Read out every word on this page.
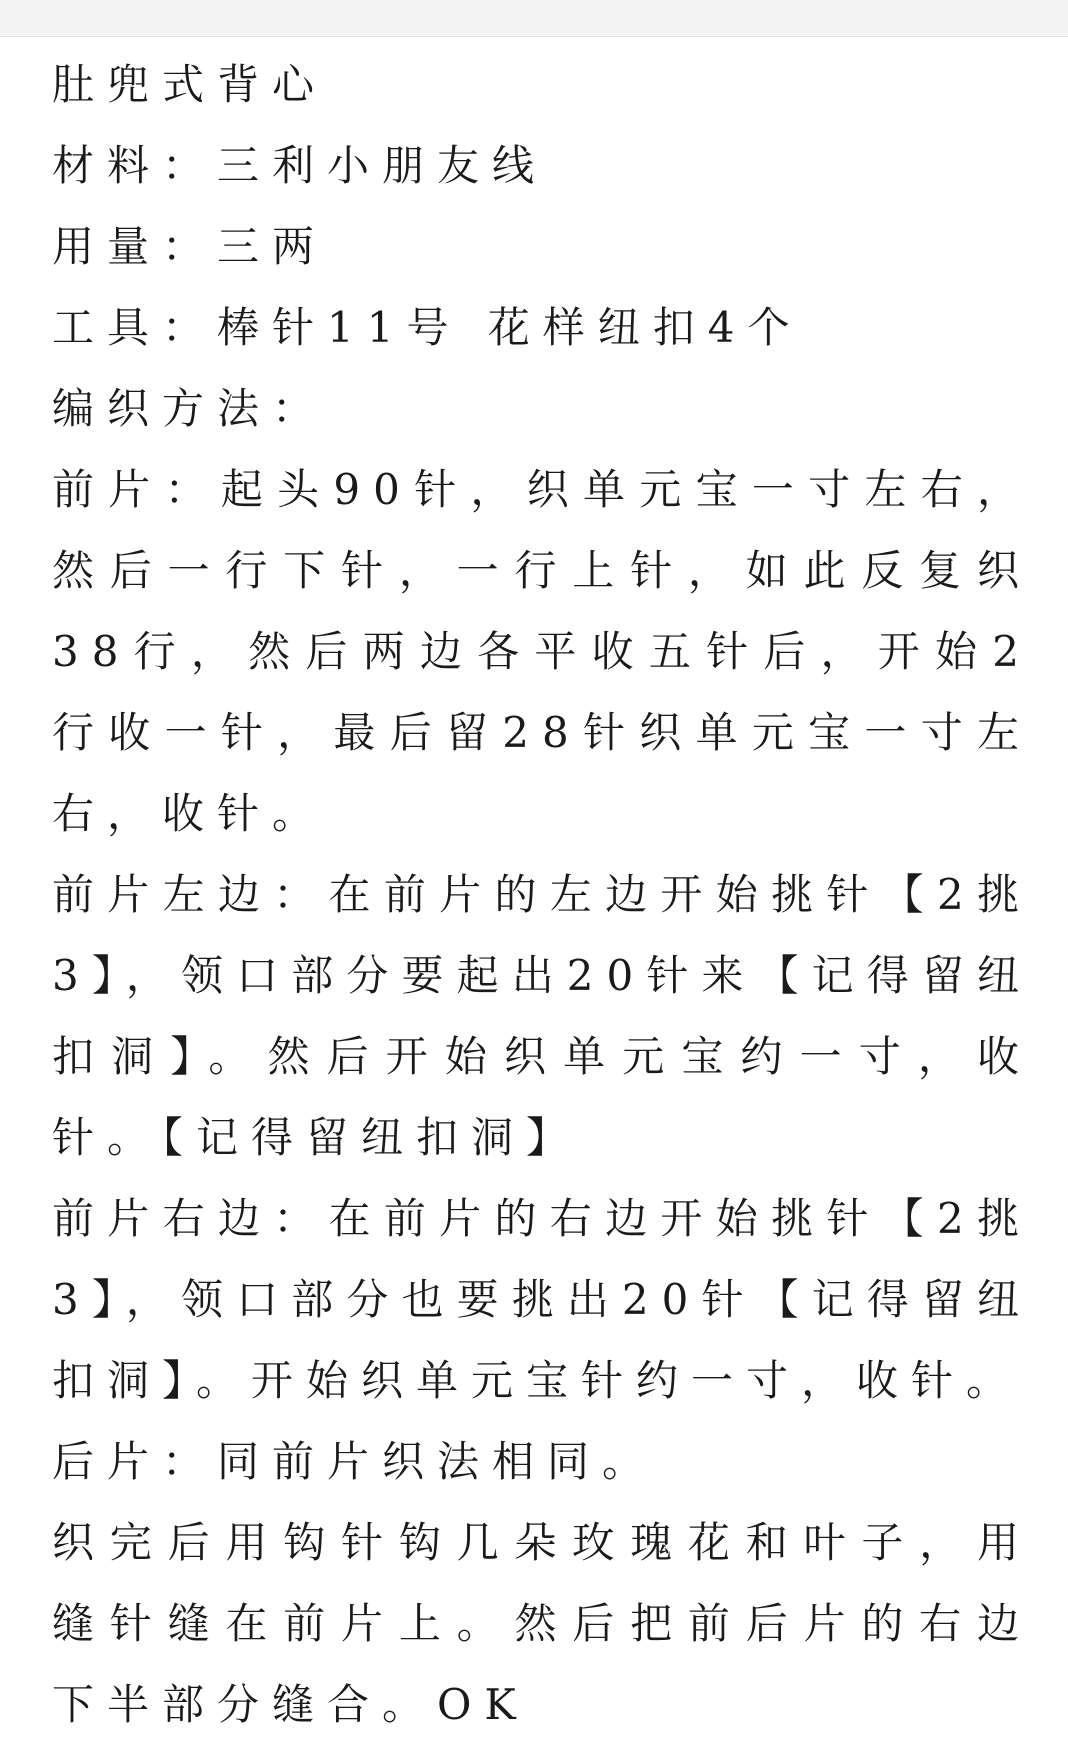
肚兜式背心

材料：三利小朋友线

用量：三两

工具：棒针11号 花样纽扣4个

编织方法：

前片：起头90针，织单元宝一寸左右，然后一行下针，一行上针，如此反复织38行，然后两边各平收五针后，开始2行收一针，最后留28针织单元宝一寸左右，收针。

前片左边：在前片的左边开始挑针【2挑3】，领口部分要起出20针来【记得留纽扣洞】。然后开始织单元宝约一寸，收针。【记得留纽扣洞】

前片右边：在前片的右边开始挑针【2挑3】，领口部分也要挑出20针【记得留纽扣洞】。开始织单元宝针约一寸，收针。

后片：同前片织法相同。

织完后用钩针钩几朵玫瑰花和叶子，用缝针缝在前片上。然后把前后片的右边下半部分缝合。OK
